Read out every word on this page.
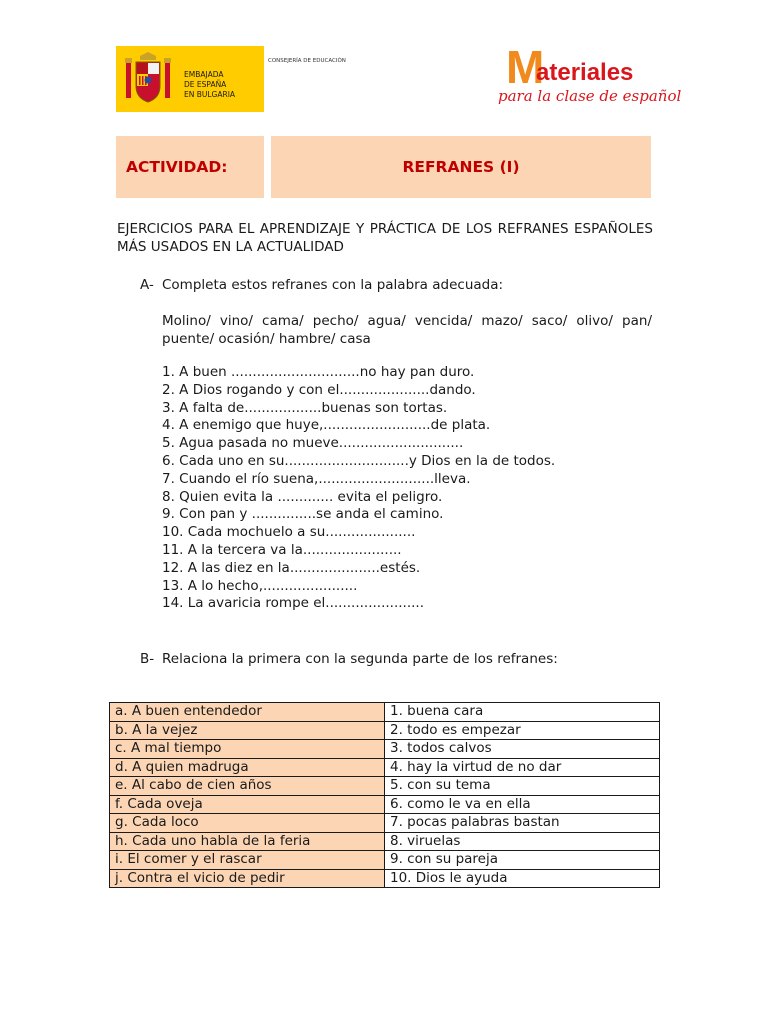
EMBAJADA
DE ESPAÑA
EN BULGARIA
CONSEJERÍA DE EDUCACIÓN	M
ateriales
para la clase de español
ACTIVIDAD:	REFRANES (I)
EJERCICIOS PARA EL APRENDIZAJE Y PRÁCTICA DE LOS REFRANES ESPAÑOLES MÁS USADOS EN LA ACTUALIDAD
A- Completa estos refranes con la palabra adecuada:
Molino/ vino/ cama/ pecho/ agua/ vencida/ mazo/ saco/ olivo/ pan/ puente/ ocasión/ hambre/ casa
1. A buen ..............................no hay pan duro.
2. A Dios rogando y con el.....................dando.
3. A falta de..................buenas son tortas.
4. A enemigo que huye,.........................de plata.
5. Agua pasada no mueve.............................
6. Cada uno en su.............................y Dios en la de todos.
7. Cuando el río suena,...........................lleva.
8. Quien evita la ............. evita el peligro.
9. Con pan y ...............se anda el camino.
10. Cada mochuelo a su.....................
11. A la tercera va la.......................
12. A las diez en la.....................estés.
13. A lo hecho,......................
14. La avaricia rompe el.......................
B- Relaciona la primera con la segunda parte de los refranes:
a. A buen entendedor	1. buena cara
b. A la vejez	2. todo es empezar
c. A mal tiempo	3. todos calvos
d. A quien madruga	4. hay la virtud de no dar
e. Al cabo de cien años	5. con su tema
f. Cada oveja	6. como le va en ella
g. Cada loco	7. pocas palabras bastan
h. Cada uno habla de la feria	8. viruelas
i. El comer y el rascar	9. con su pareja
j. Contra el vicio de pedir	10. Dios le ayuda
